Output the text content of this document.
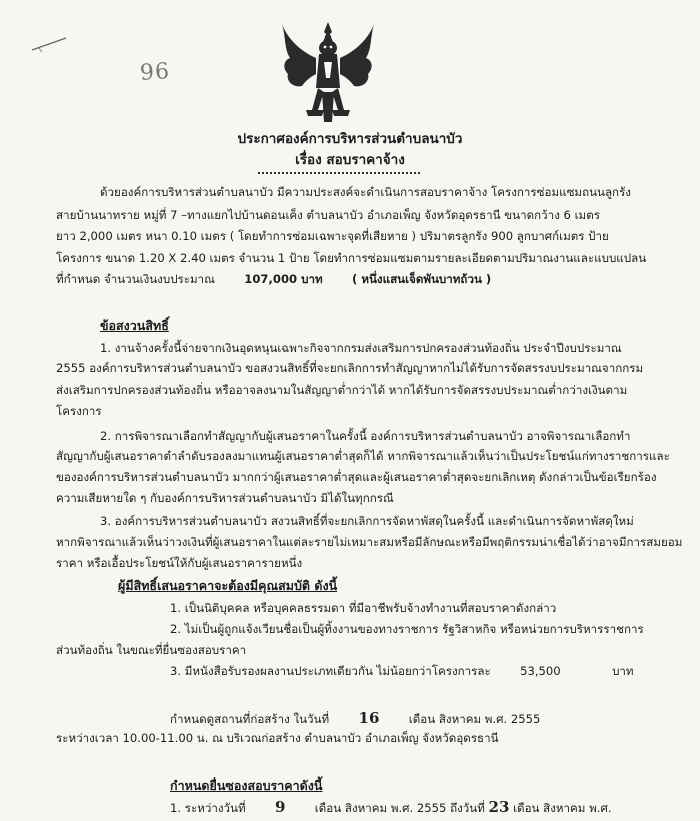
96
ประกาศองค์การบริหารส่วนตำบลนาบัว
เรื่อง สอบราคาจ้าง
ด้วยองค์การบริหารส่วนตำบลนาบัว มีความประสงค์จะดำเนินการสอบราคาจ้าง โครงการซ่อมแซมถนนลูกรัง
สายบ้านนาทราย หมู่ที่ 7 –ทางแยกไปบ้านดอนเค็ง ตำบลนาบัว อำเภอเพ็ญ จังหวัดอุดรธานี ขนาดกว้าง 6 เมตร
ยาว 2,000 เมตร หนา 0.10 เมตร ( โดยทำการซ่อมเฉพาะจุดที่เสียหาย ) ปริมาตรลูกรัง 900 ลูกบาศก์เมตร ป้าย
โครงการ ขนาด 1.20 X 2.40 เมตร จำนวน 1 ป้าย โดยทำการซ่อมแซมตามรายละเอียดตามปริมาณงานและแบบแปลน
ที่กำหนด จำนวนเงินงบประมาณ	107,000 บาท	( หนึ่งแสนเจ็ดพันบาทถ้วน )
ข้อสงวนสิทธิ์
1. งานจ้างครั้งนี้จ่ายจากเงินอุดหนุนเฉพาะกิจจากกรมส่งเสริมการปกครองส่วนท้องถิ่น ประจำปีงบประมาณ
2555 องค์การบริหารส่วนตำบลนาบัว ขอสงวนสิทธิ์ที่จะยกเลิกการทำสัญญาหากไม่ได้รับการจัดสรรงบประมาณจากกรม
ส่งเสริมการปกครองส่วนท้องถิ่น หรืออาจลงนามในสัญญาต่ำกว่าได้ หากได้รับการจัดสรรงบประมาณต่ำกว่างเงินตาม
โครงการ
2. การพิจารณาเลือกทำสัญญากับผู้เสนอราคาในครั้งนี้ องค์การบริหารส่วนตำบลนาบัว อาจพิจารณาเลือกทำ
สัญญากับผู้เสนอราคาตำลำดับรองลงมาแทนผู้เสนอราคาต่ำสุดก็ได้ หากพิจารณาแล้วเห็นว่าเป็นประโยชน์แก่ทางราชการและ
ขององค์การบริหารส่วนตำบลนาบัว มากกว่าผู้เสนอราคาต่ำสุดและผู้เสนอราคาต่ำสุดจะยกเลิกเหตุ ดังกล่าวเป็นข้อเรียกร้อง
ความเสียหายใด ๆ กับองค์การบริหารส่วนตำบลนาบัว มิได้ในทุกกรณี
3. องค์การบริหารส่วนตำบลนาบัว สงวนสิทธิ์ที่จะยกเลิกการจัดหาพัสดุในครั้งนี้ และดำเนินการจัดหาพัสดุใหม่
หากพิจารณาแล้วเห็นว่าวงเงินที่ผู้เสนอราคาในแต่ละรายไม่เหมาะสมหรือมีลักษณะหรือมีพฤติกรรมน่าเชื่อได้ว่าอาจมีการสมยอม
ราคา หรือเอื้อประโยชน์ให้กับผู้เสนอราคารายหนึ่ง
ผู้มีสิทธิ์เสนอราคาจะต้องมีคุณสมบัติ ดังนี้
1. เป็นนิติบุคคล หรือบุคคลธรรมดา ที่มีอาชีพรับจ้างทำงานที่สอบราคาดังกล่าว
2. ไม่เป็นผู้ถูกแจ้งเวียนชื่อเป็นผู้ทิ้งงานของทางราชการ รัฐวิสาหกิจ หรือหน่วยการบริหารราชการ
ส่วนท้องถิ่น ในขณะที่ยื่นซองสอบราคา
3. มีหนังสือรับรองผลงานประเภทเดียวกัน ไม่น้อยกว่าโครงการละ	53,500	บาท
กำหนดดูสถานที่ก่อสร้าง ในวันที่ 16	เดือน สิงหาคม พ.ศ. 2555
ระหว่างเวลา 10.00-11.00 น. ณ บริเวณก่อสร้าง ตำบลนาบัว อำเภอเพ็ญ จังหวัดอุดรธานี
กำหนดยื่นซองสอบราคาดังนี้
1. ระหว่างวันที่ 9	เดือน สิงหาคม พ.ศ. 2555 ถึงวันที่ 23 เดือน สิงหาคม พ.ศ.
